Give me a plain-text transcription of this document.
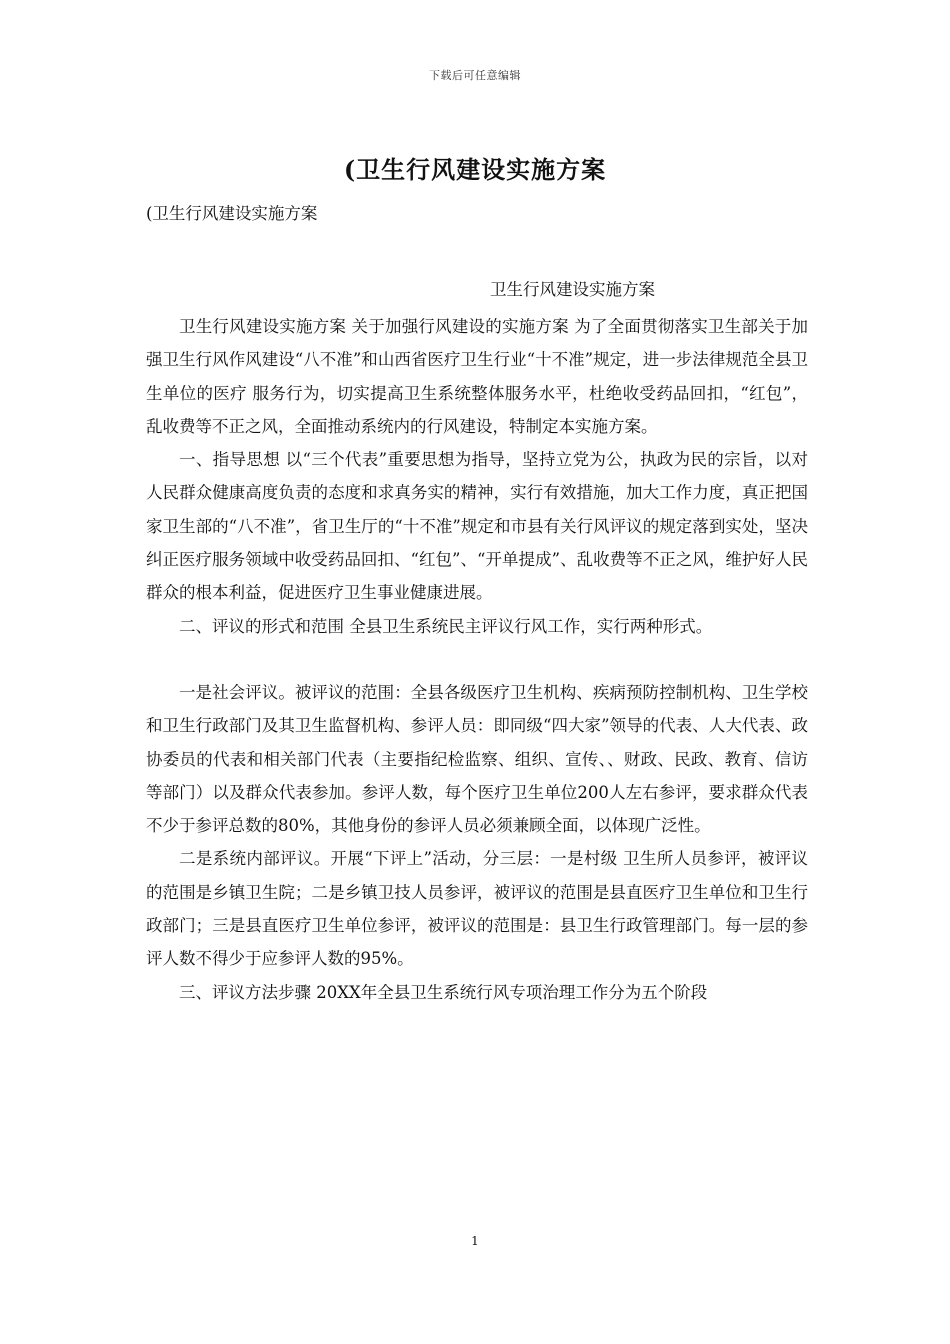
下载后可任意编辑
(卫生行风建设实施方案
(卫生行风建设实施方案
卫生行风建设实施方案

卫生行风建设实施方案 关于加强行风建设的实施方案 为了全面贯彻落实卫生部关于加强卫生行风作风建设“八不准”和山西省医疗卫生行业“十不准”规定，进一步法律规范全县卫生单位的医疗 服务行为，切实提高卫生系统整体服务水平，杜绝收受药品回扣，“红包”，乱收费等不正之风，全面推动系统内的行风建设，特制定本实施方案。

一、指导思想 以“三个代表”重要思想为指导，坚持立党为公，执政为民的宗旨，以对人民群众健康高度负责的态度和求真务实的精神，实行有效措施，加大工作力度，真正把国家卫生部的“八不准”，省卫生厅的“十不准”规定和市县有关行风评议的规定落到实处，坚决纠正医疗服务领域中收受药品回扣、“红包”、“开单提成”、乱收费等不正之风，维护好人民群众的根本利益，促进医疗卫生事业健康进展。

二、评议的形式和范围 全县卫生系统民主评议行风工作，实行两种形式。

一是社会评议。被评议的范围：全县各级医疗卫生机构、疾病预防控制机构、卫生学校和卫生行政部门及其卫生监督机构、参评人员：即同级“四大家”领导的代表、人大代表、政协委员的代表和相关部门代表（主要指纪检监察、组织、宣传、、财政、民政、教育、信访等部门）以及群众代表参加。参评人数，每个医疗卫生单位200人左右参评，要求群众代表不少于参评总数的80%，其他身份的参评人员必须兼顾全面，以体现广泛性。

二是系统内部评议。开展“下评上”活动，分三层：一是村级 卫生所人员参评，被评议的范围是乡镇卫生院；二是乡镇卫技人员参评，被评议的范围是县直医疗卫生单位和卫生行政部门；三是县直医疗卫生单位参评，被评议的范围是：县卫生行政管理部门。每一层的参评人数不得少于应参评人数的95%。

三、评议方法步骤 20XX年全县卫生系统行风专项治理工作分为五个阶段

1
